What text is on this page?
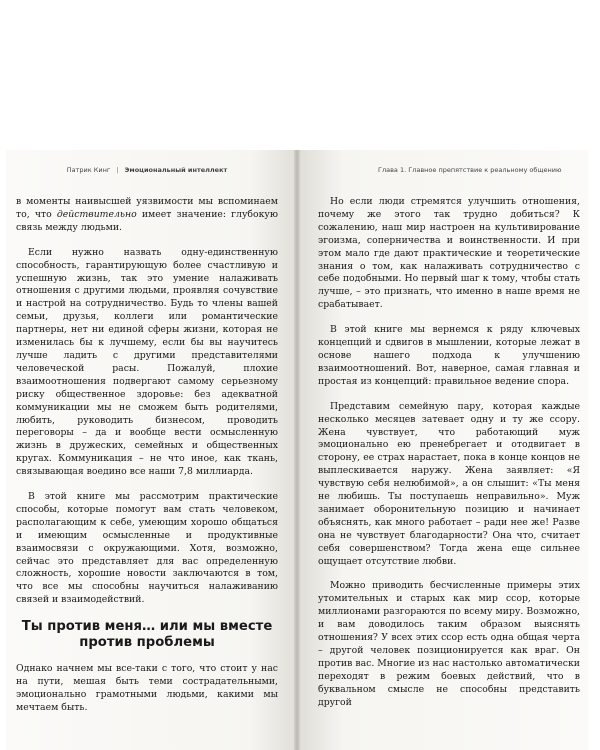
Патрик Кинг | Эмоциональный интеллект

в моменты наивысшей уязвимости мы вспоминаем то, что действительно имеет значение: глубокую связь между людьми.

Если нужно назвать одну-единственную способность, гарантирующую более счастливую и успешную жизнь, так это умение налаживать отношения с другими людьми, проявляя сочувствие и настрой на сотрудничество. Будь то члены вашей семьи, друзья, коллеги или романтические партнеры, нет ни единой сферы жизни, которая не изменилась бы к лучшему, если бы вы научитесь лучше ладить с другими представителями человеческой расы. Пожалуй, плохие взаимоотношения подвергают самому серьезному риску общественное здоровье: без адекватной коммуникации мы не сможем быть родителями, любить, руководить бизнесом, проводить переговоры – да и вообще вести осмысленную жизнь в дружеских, семейных и общественных кругах. Коммуникация – не что иное, как ткань, связывающая воедино все наши 7,8 миллиарда.

В этой книге мы рассмотрим практические способы, которые помогут вам стать человеком, располагающим к себе, умеющим хорошо общаться и имеющим осмысленные и продуктивные взаимосвязи с окружающими. Хотя, возможно, сейчас это представляет для вас определенную сложность, хорошие новости заключаются в том, что все мы способны научиться налаживанию связей и взаимодействий.

Ты против меня… или мы вместе
против проблемы

Однако начнем мы все-таки с того, что стоит у нас на пути, мешая быть теми сострадательными, эмоционально грамотными людьми, какими мы мечтаем быть.

Глава 1. Главное препятствие к реальному общению

Но если люди стремятся улучшить отношения, почему же этого так трудно добиться? К сожалению, наш мир настроен на культивирование эгоизма, соперничества и воинственности. И при этом мало где дают практические и теоретические знания о том, как налаживать сотрудничество с себе подобными. Но первый шаг к тому, чтобы стать лучше, – это признать, что именно в наше время не срабатывает.

В этой книге мы вернемся к ряду ключевых концепций и сдвигов в мышлении, которые лежат в основе нашего подхода к улучшению взаимоотношений. Вот, наверное, самая главная и простая из концепций: правильное ведение спора.

Представим семейную пару, которая каждые несколько месяцев затевает одну и ту же ссору. Жена чувствует, что работающий муж эмоционально ею пренебрегает и отодвигает в сторону, ее страх нарастает, пока в конце концов не выплескивается наружу. Жена заявляет: «Я чувствую себя нелюбимой», а он слышит: «Ты меня не любишь. Ты поступаешь неправильно». Муж занимает оборонительную позицию и начинает объяснять, как много работает – ради нее же! Разве она не чувствует благодарности? Она что, считает себя совершенством? Тогда жена еще сильнее ощущает отсутствие любви.

Можно приводить бесчисленные примеры этих утомительных и старых как мир ссор, которые миллионами разгораются по всему миру. Возможно, и вам доводилось таким образом выяснять отношения? У всех этих ссор есть одна общая черта – другой человек позиционируется как враг. Он против вас. Многие из нас настолько автоматически переходят в режим боевых действий, что в буквальном смысле не способны представить другой
